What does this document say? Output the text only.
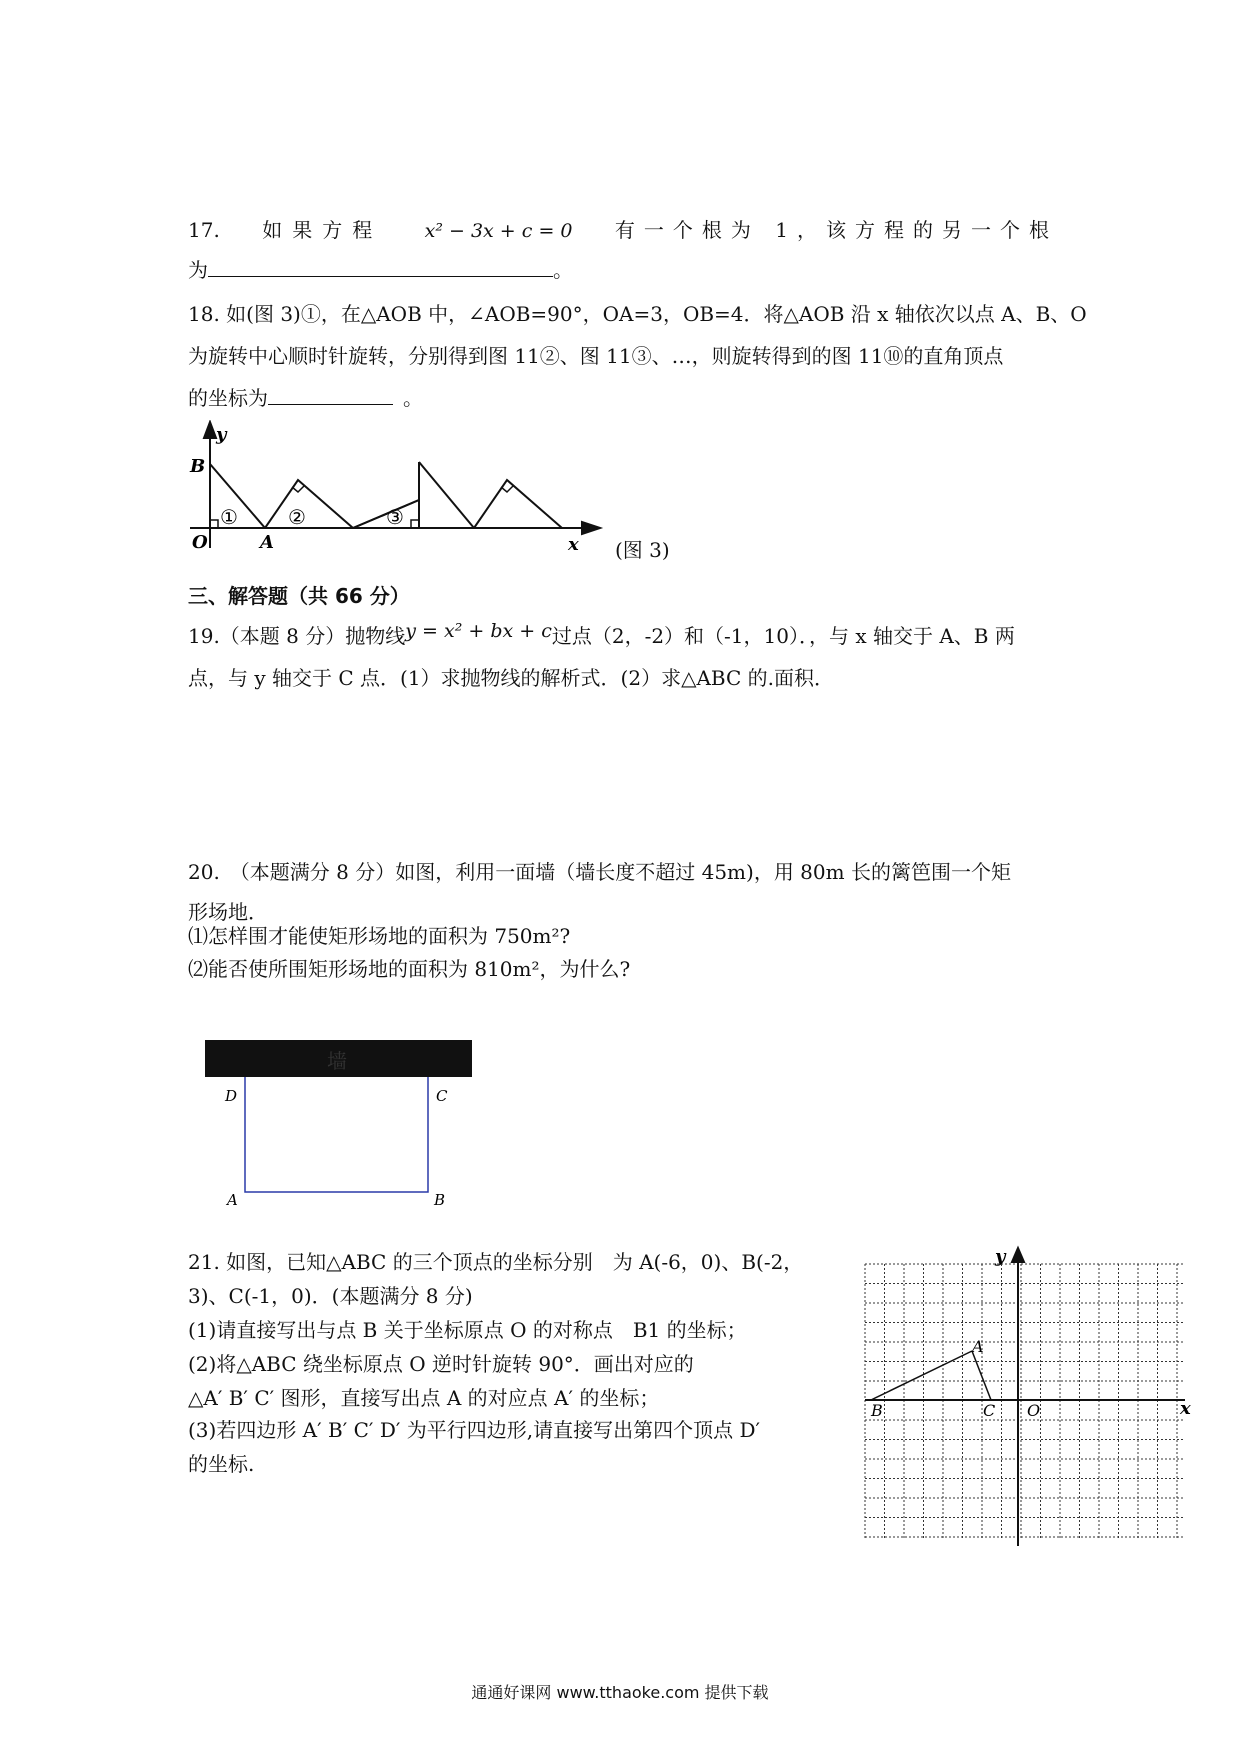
17. 如果方程 x² − 3x + c = 0 有一个根为 1，该方程的另一个根
为	。
18. 如(图 3)①，在△AOB 中，∠AOB=90°，OA=3，OB=4．将△AOB 沿 x 轴依次以点 A、B、O
为旋转中心顺时针旋转，分别得到图 11②、图 11③、…，则旋转得到的图 11⑩的直角顶点
的坐标为	。
y
B
O	A	x
①	②	③
(图 3)
三、解答题（共 66 分）
19.（本题 8 分）抛物线y = x² + bx + c过点（2，-2）和（-1，10）．，与 x 轴交于 A、B 两
点，与 y 轴交于 C 点．(1）求抛物线的解析式．(2）求△ABC 的.面积．
20.　（本题满分 8 分）如图，利用一面墙（墙长度不超过 45m)，用 80m 长的篱笆围一个矩
形场地．
⑴怎样围才能使矩形场地的面积为 750m²?
⑵能否使所围矩形场地的面积为 810m²，为什么?
墙
D	C
A	B
21. 如图，已知△ABC 的三个顶点的坐标分别　为 A(-6，0)、B(-2，
3)、C(-1，0)．(本题满分 8 分)
(1)请直接写出与点 B 关于坐标原点 O 的对称点　B1 的坐标；
(2)将△ABC 绕坐标原点 O 逆时针旋转 90°．画出对应的
△A′ B′ C′ 图形，直接写出点 A 的对应点 A′ 的坐标；
(3)若四边形 A′ B′ C′ D′ 为平行四边形,请直接写出第四个顶点 D′
的坐标.
y
x
A
B	C O
通通好课网 www.tthaoke.com 提供下载
